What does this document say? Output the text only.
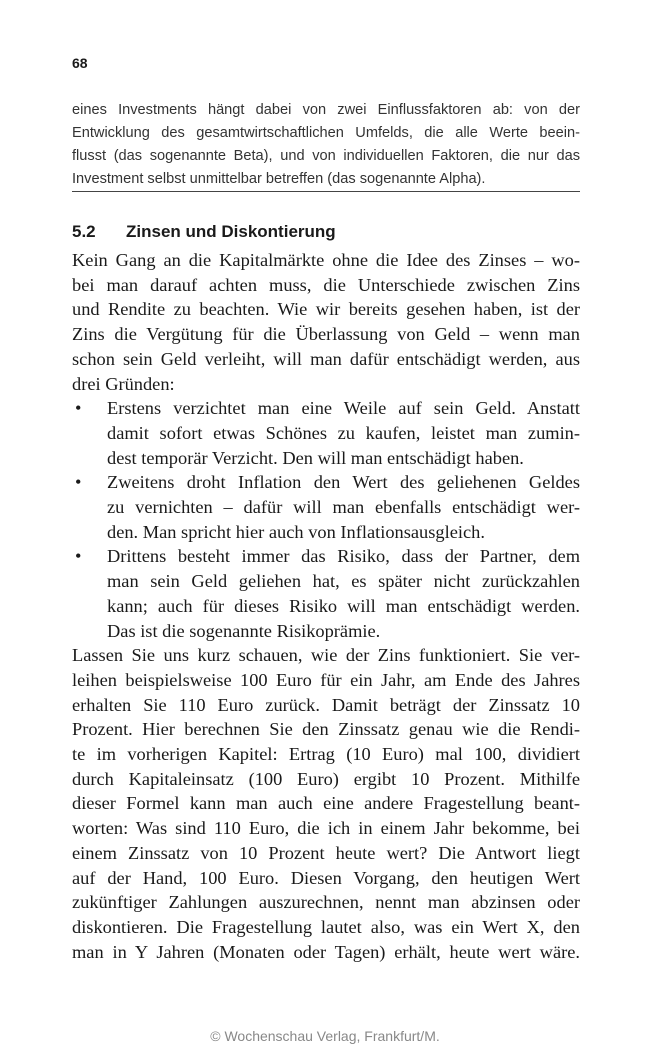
68
eines Investments hängt dabei von zwei Einflussfaktoren ab: von der
Entwicklung des gesamtwirtschaftlichen Umfelds, die alle Werte beein-
flusst (das sogenannte Beta), und von individuellen Faktoren, die nur das
Investment selbst unmittelbar betreffen (das sogenannte Alpha).
5.2 Zinsen und Diskontierung
Kein Gang an die Kapitalmärkte ohne die Idee des Zinses – wo-
bei man darauf achten muss, die Unterschiede zwischen Zins
und Rendite zu beachten. Wie wir bereits gesehen haben, ist der
Zins die Vergütung für die Überlassung von Geld – wenn man
schon sein Geld verleiht, will man dafür entschädigt werden, aus
drei Gründen:
• Erstens verzichtet man eine Weile auf sein Geld. Anstatt
damit sofort etwas Schönes zu kaufen, leistet man zumin-
dest temporär Verzicht. Den will man entschädigt haben.
• Zweitens droht Inflation den Wert des geliehenen Geldes
zu vernichten – dafür will man ebenfalls entschädigt wer-
den. Man spricht hier auch von Inflationsausgleich.
• Drittens besteht immer das Risiko, dass der Partner, dem
man sein Geld geliehen hat, es später nicht zurückzahlen
kann; auch für dieses Risiko will man entschädigt werden.
Das ist die sogenannte Risikoprämie.
Lassen Sie uns kurz schauen, wie der Zins funktioniert. Sie ver-
leihen beispielsweise 100 Euro für ein Jahr, am Ende des Jahres
erhalten Sie 110 Euro zurück. Damit beträgt der Zinssatz 10
Prozent. Hier berechnen Sie den Zinssatz genau wie die Rendi-
te im vorherigen Kapitel: Ertrag (10 Euro) mal 100, dividiert
durch Kapitaleinsatz (100 Euro) ergibt 10 Prozent. Mithilfe
dieser Formel kann man auch eine andere Fragestellung beant-
worten: Was sind 110 Euro, die ich in einem Jahr bekomme, bei
einem Zinssatz von 10 Prozent heute wert? Die Antwort liegt
auf der Hand, 100 Euro. Diesen Vorgang, den heutigen Wert
zukünftiger Zahlungen auszurechnen, nennt man abzinsen oder
diskontieren. Die Fragestellung lautet also, was ein Wert X, den
man in Y Jahren (Monaten oder Tagen) erhält, heute wert wäre.
© Wochenschau Verlag, Frankfurt/M.
